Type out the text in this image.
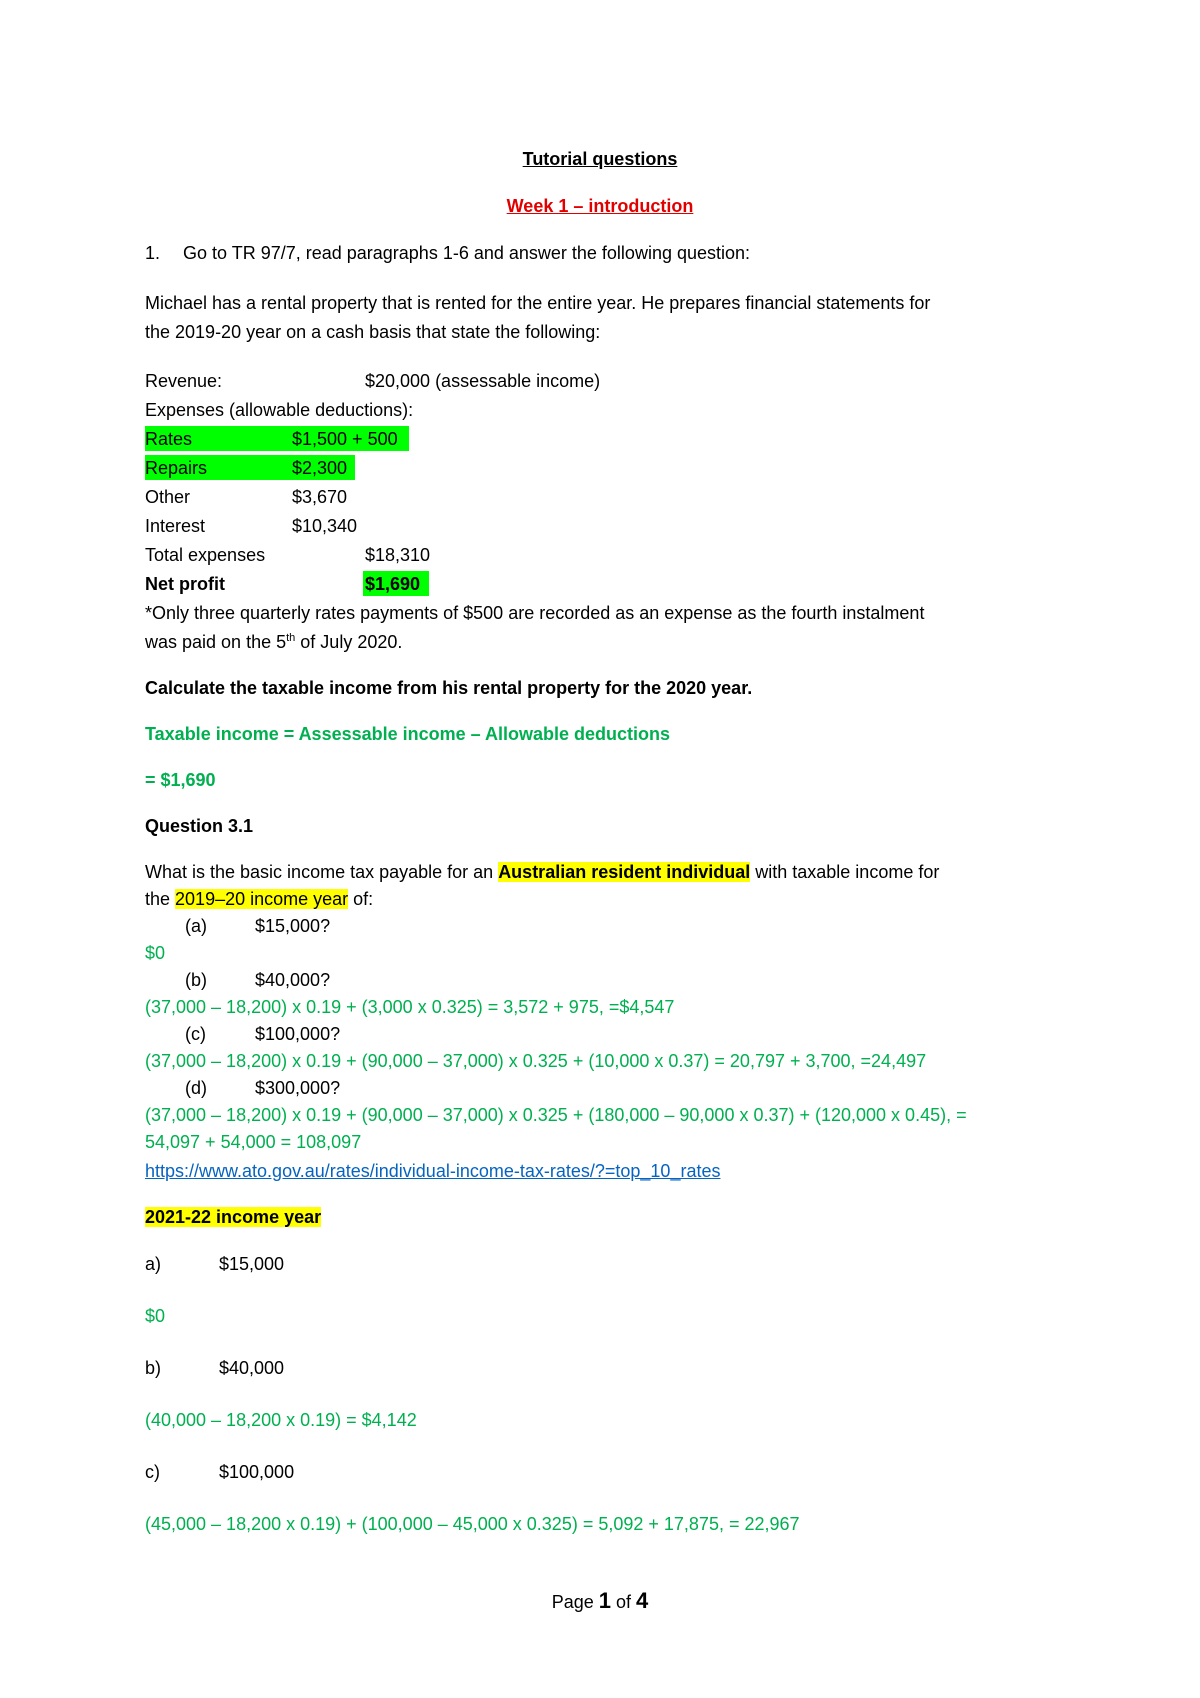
Tutorial questions
Week 1 – introduction
1. Go to TR 97/7, read paragraphs 1-6 and answer the following question:
Michael has a rental property that is rented for the entire year. He prepares financial statements for
the 2019-20 year on a cash basis that state the following:
Revenue:	$20,000 (assessable income)
Expenses (allowable deductions):
Rates	$1,500 + 500
Repairs	$2,300
Other	$3,670
Interest	$10,340
Total expenses	$18,310
Net profit	$1,690
*Only three quarterly rates payments of $500 are recorded as an expense as the fourth instalment
was paid on the 5th of July 2020.
Calculate the taxable income from his rental property for the 2020 year.
Taxable income = Assessable income – Allowable deductions
= $1,690
Question 3.1
What is the basic income tax payable for an Australian resident individual with taxable income for
the 2019–20 income year of:
(a)	$15,000?
$0
(b)	$40,000?
(37,000 – 18,200) x 0.19 + (3,000 x 0.325) = 3,572 + 975, =$4,547
(c)	$100,000?
(37,000 – 18,200) x 0.19 + (90,000 – 37,000) x 0.325 + (10,000 x 0.37) = 20,797 + 3,700, =24,497
(d)	$300,000?
(37,000 – 18,200) x 0.19 + (90,000 – 37,000) x 0.325 + (180,000 – 90,000 x 0.37) + (120,000 x 0.45), =
54,097 + 54,000 = 108,097
https://www.ato.gov.au/rates/individual-income-tax-rates/?=top_10_rates
2021-22 income year
a)	$15,000
$0
b)	$40,000
(40,000 – 18,200 x 0.19) = $4,142
c)	$100,000
(45,000 – 18,200 x 0.19) + (100,000 – 45,000 x 0.325) = 5,092 + 17,875, = 22,967
Page 1 of 4
